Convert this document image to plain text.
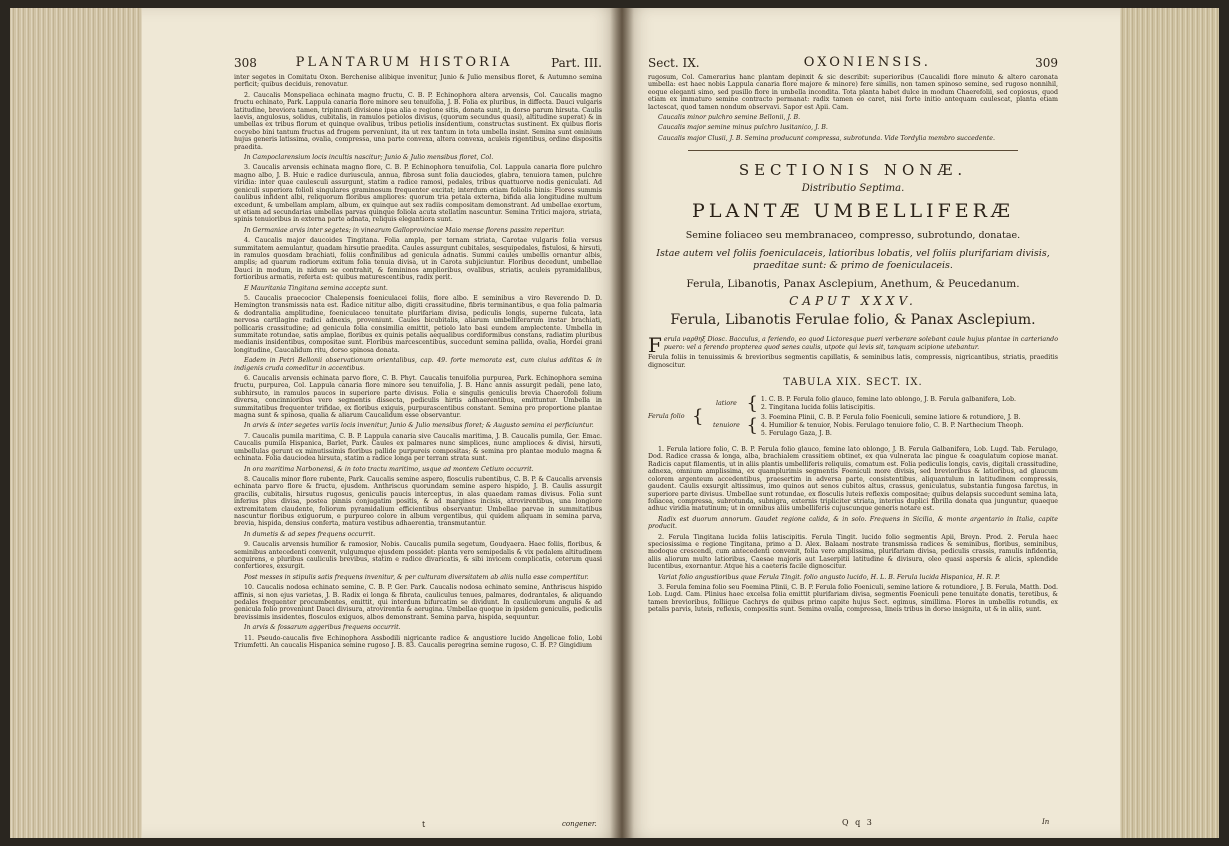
308	PLANTARUM HISTORIA	Part. III.

inter segetes in Comitatu Oxon. Berchenise alibique invenitur, Junio & Julio mensibus floret, & Autumno semina perficit; quibus deciduis, renovatur.

2. Caucalis Monspeliaca echinata magno fructu, C. B. P. Echinophora altera arvensis, Col. Caucalis magno fructu echinato, Park. Lappula canaria flore minore seu tenuifolia, J. B. Folia ex pluribus, in diffecta. Dauci vulgaris latitudine, breviora tamen, tripinnati divisione ipsa alia e regione sitis, donata sunt, in dorso parum hirsuta. Caulis laevis, angulosus, solidus, cubitalis, in ramulos petiolos divisus, (quorum secundus quasi), altitudine superat) & in umbellas ex tribus florum et quinque ovalibus, tribus petiolis insidentium, constructas sustinent. Ex quibus floris cocyebo bini tantum fructus ad frugem perveniunt, ita ut rex tantum in tota umbella insint. Semina sunt ominium hujus generis latissima, ovalia, compressa, una parte convexa, altera convexa, aculeis rigentibus, ordine dispositis praedita.

In Campoclarensium locis incultis nascitur; Junio & Julio mensibus floret, Col.

3. Caucalis arvensis echinata magno flore, C. B. P. Echinophora tenuifolia, Col. Lappula canaria flore pulchro magno albo, J. B. Huic e radice duriuscula, annua, fibrosa sunt folia dauciodes, glabra, tenuiora tamen, pulchre viridia: inter quae caulesculi assurgunt, statim a radice ramosi, pedales, tribus quattuorve nodis geniculati. Ad geniculi superiora folioli singulares graminosum frequenter excitat; interdum etiam foliolis binis: Flores summis caulibus infident albi, reliquorum floribus ampliores: quorum tria petala externa, bifida alia longitudine multum excedunt, & umbellam amplam, album, ex quinque aut sex radiis compositam demonstrant. Ad umbellae exortum, ut etiam ad secundarias umbellas parvas quinque foliola acuta stellatim nascuntur. Semina Tritici majora, striata, spinis tenuioribus in externa parte adnata, reliquis elegantiora sunt.

In Germaniae arvis inter segetes; in vinearum Galloprovinciae Maio mense florens passim reperitur.

4. Caucalis major daucoides Tingitana. Folia ampla, per ternam striata, Carotae vulgaris folia versus summitatem aemulantur, quadam hirsutie praedita. Caules assurgunt cubitales, sesquipedales, fistulosi, & hirsuti, in ramulos quosdam brachiati, foliis confinilibus ad genicula adnatis. Summi caules umbellis ornantur albis, amplis; ad quarum radiorum exitum folia tenuia divisa, ut in Carota subjiciuntur. Floribus decedunt, umbellae Dauci in modum, in nidum se contrahit, & femininos amplioribus, ovalibus, striatis, aculeis pyramidalibus, fortioribus armatis, referta est: quibus maturescentibus, radix perit.

E Mauritania Tingitana semina accepta sunt.

5. Caucalis praecocior Chalepensis foeniculacei foliis, flore albo. E seminibus a viro Reverendo D. D. Hemington transmissis nata est. Radice nititur albo, digiti crassitudine, fibris terminantibus, e qua folia palmaria & dodrantalia amplitudine, foeniculaceo tenuitate plurifariam divisa, pediculis longis, superne fulcata, lata nervosa cartilagine radici adnexis, proveniunt. Caules bicubitalis, aliarum umbelliferarum instar brachiati, pollicaris crassitudine; ad genicula folia consimilia emittit, petiolo lato basi eundem amplectente. Umbella in summitate rotundae, satis amplae, floribus ex quinis petalis aequalibus cordiformibus constans, radiatim pluribus medianis insidentibus, compositae sunt. Floribus marcescentibus, succedunt semina pallida, ovalia, Hordei grani longitudine, Caucalidum ritu, dorso spinosa donata.

Eadem in Petri Bellonii observationum orientalibus, cap. 49. forte memorata est, cum ciuius additas & in indigenis cruda comeditur in accentibus.

6. Caucalis arvensis echinata parvo flore, C. B. Phyt. Caucalis tenuifolia purpurea, Park. Echinophora semina fructu, purpurea, Col. Lappula canaria flore minore seu tenuifolia, J. B. Hanc annis assurgit pedali, pene lato, subhirsuto, in ramulos paucos in superiore parte divisus. Folia e singulis geniculis brevia Chaerofoli folium diversa, concinnioribus vero segmentis dissecta, pediculis hirtis adhaerentibus, emittuntur. Umbella in summitatibus frequenter trifidae, ex floribus exiguis, purpurascentibus constant. Semina pro proportione plantae magna sunt & spinosa, qualia & aliarum Caucalidum esse observantur.

In arvis & inter segetes variis locis invenitur, Junio & Julio mensibus floret; & Augusto semina ei perficiuntur.

7. Caucalis pumila maritima, C. B. P. Lappula canaria sive Caucalis maritima, J. B. Caucalis pumila, Ger. Emac. Caucalis pumila Hispanica, Barlet, Park. Caules ex palmares nunc simplices, nunc amplioces & divisi, hirsuti, umbellulas gerunt ex minutissimis floribus pallide purpureis compositas; & semina pro plantae modulo magna & echinata. Folia dauciodea hirsuta, statim a radice longa per terram strata sunt.

In ora maritima Narbonensi, & in toto tractu maritimo, usque ad montem Cetium occurrit.

8. Caucalis minor flore rubente, Park. Caucalis semine aspero, flosculis rubentibus, C. B. P. & Caucalis arvensis echinata parvo flore & fructu, ejusdem. Anthriscus quorundam semine aspero hispido, J. B. Caulis assurgit gracilis, cubitalis, hirsutus rugosus, geniculis paucis interceptus, in alas quaedam ramas divisus. Folia sunt inferius plus divisa, postea pinnis conjugatim positis, & ad margines incisis, atrovirentibus, una longiore extremitatem claudente, foliorum pyramidalium efficientibus observantur. Umbellae parvae in summitatibus nascuntur floribus exiguorum, e purpureo colore in album vergentibus, qui quidem aliquam in semina parva, brevia, hispida, densius conferta, matura vestibus adhaerentia, transmutantur.

In dumetis & ad sepes frequens occurrit.

9. Caucalis arvensis humilior & ramosior, Nobis. Caucalis pumila segetum, Goudyaera. Haec foliis, floribus, & seminibus antecedenti convenit, vulgumque ejusdem possidet: planta vero semipedalis & vix pedalem altitudinem acquirens, e pluribus cauliculis brevibus, statim e radice divaricatis, & sibi invicem complicatis, ceterum quasi confertiores, exsurgit.

Post messes in stipulis satis frequens invenitur, & per culturam diversitatem ab aliis nulla esse compertitur.

10. Caucalis nodosa echinato semine, C. B. P. Ger. Park. Caucalis nodosa echinato semine, Anthriscus hispido affinis, si non ejus varietas, J. B. Radix ei longa & fibrata, cauliculus tenues, palmares, dodrantales, & aliquando pedales frequenter procumbentes, emittit, qui interdum bifurcatim se dividunt. In cauliculorum angulis & ad genicula folio proveniunt Dauci divisura, atrovirentia & aerugina. Umbellae quoque in ipsidem geniculis, pediculis brevissimis insidentes, flosculos exiguos, albos demonstrant. Semina parva, hispida, sequuntur.

In arvis & fossarum aggeribus frequens occurrit.

11. Pseudo-caucalis five Echinophora Assbodili nigricante radice & angustiore lucido Angelicae folio, Lobi Triumfetti. An caucalis Hispanica semine rugoso J. B. 83. Caucalis peregrina semine rugoso, C. B. P.? Gingidium

t	congener.
Sect. IX.	OXONIENSIS.	309

rugosum, Col. Camerarius hanc plantam depinxit & sic describit: superioribus (Caucalidi flore minuto & altero caronata umbella: est haec nobis Lappula canaria flore majore & minore) fere similis, non tamen spinoso semine, sed rugoso nonnihil, eoque eleganti simo, sed pusillo flore in umbella incondita. Tota planta habet dulce in modum Chaerefolii, sed copiosus, quod etiam ex immaturo semine contracto permanat: radix tamen eo caret, nisi forte initio antequam caulescat, planta etiam lactescat, quod tamen nondum observavi. Sapor est Apii. Cam.

Caucalis minor pulchro semine Bellonii, J. B.

Caucalis major semine minus pulchro lusitanico, J. B.

Caucalis major Clusii, J. B. Semina producunt compressa, subrotunda. Vide Tordylia membro succedente.

SECTIONIS NONÆ.
Distributio Septima.
PLANTÆ UMBELLIFERÆ
Semine foliaceo seu membranaceo, compresso, subrotundo, donatae.
Istae autem vel foliis foeniculaceis, latioribus lobatis, vel foliis plurifariam divisis, praeditae sunt: & primo de foeniculaceis.
Ferula, Libanotis, Panax Asclepium, Anethum, & Peucedanum.
CAPUT XXXV.
Ferula, Libanotis Ferulae folio, & Panax Asclepium.

Ferula ναρθηξ Diosc. Bacculus, a feriendo, eo quod Lictoresque pueri verberare solebant caule hujus plantae in carteriando puero: vel a ferendo propterea quod senes caulis, utpote qui levis sit, tanquam scipione utebantur.

Ferula foliis in tenuissimis & brevioribus segmentis capillatis, & seminibus latis, compressis, nigricantibus, striatis, praeditis dignoscitur.

TABULA XIX. SECT. IX.
Ferula folio {
latiore { 1. C. B. P. Ferula folio glauco, femine lato oblongo, J. B. Ferula galbanifera, Lob.
2. Tingitana lucida foliis latiscipitis.
tenuiore { 3. Foemina Plinii, C. B. P. Ferula folio Foeniculi, semine latiore & rotundiore, J. B.
4. Humilior & tenuior, Nobis. Ferulago tenuiore folio, C. B. P. Narthecium Theoph.
5. Ferulago Gaza, J. B.

1. Ferula latiore folio, C. B. P. Ferula folio glauco, femine lato oblongo, J. B. Ferula Galbanifera, Lob. Lugd. Tab. Ferulago, Dod. Radice crassa & longa, alba, brachialem crassitiem obtinet, ex qua vulnerata lac pingue & coagulatum copiose manat. Radicis caput filamentis, ut in aliis plantis umbelliferis reliquiis, comatum est. Folia pediculis longis, cavis, digitali crassitudine, adnexa, omnium amplissima, ex quamplurimis segmentis Foeniculi more divisis, sed brevioribus & latioribus, ad glaucum colorem argenteum accedentibus, praesertim in adversa parte, consistentibus, aliquantulum in latitudinem compressis, gaudent. Caulis exsurgit altissimus, imo quinos aut senos cubitos altus, crassus, geniculatus, substantia fungosa farctus, in superiore parte divisus. Umbellae sunt rotundae, ex flosculis luteis reflexis compositae; quibus delapsis succedunt semina lata, foliacea, compressa, subrotunda, subnigra, externis tripliciter striata, interius duplici fibrilla donata qua junguntur, quaeque adhuc viridia matutinum; ut in omnibus aliis umbelliferis cujuscunque generis notare est.

Radix est duorum annorum. Gaudet regione calida, & in solo. Frequens in Sicilia, & monte argentario in Italia, capite producit.

2. Ferula Tingitana lucida foliis latiscipitis. Ferula Tingit. lucido folio segmentis Apii, Breyn. Prod. 2. Ferula haec speciosissima e regione Tingitana, primo a D. Alex. Balaam nostrate transmissa radices & seminibus, floribus, seminibus, modoque crescendi, cum antecedenti convenit, folia vero amplissima, plurifariam divisa, pediculis crassis, ramulis infidentia, aliis aliorum multo latioribus, Caesae majoris aut Laserpitii latitudine & divisura, oleo quasi aspersis & alicis, splendide lucentibus, exornantur. Atque his a caeteris facile dignoscitur.

Variat folio angustioribus quae Ferula Tingit. folio angusto lucido, H. L. B. Ferula lucida Hispanica, H. R. P.

3. Ferula femina folio seu Foemina Plinii, C. B. P. Ferula folio Foeniculi, semine latiore & rotundiore, J. B. Ferula, Matth. Dod. Lob. Lugd. Cam. Plinius haec excelsa folia emittit plurifariam divisa, segmentis Foeniculi pene tenuitate donatis, teretibus, & tamen brevioribus, folliique Cachrys de quibus primo capite hujus Sect. egimus, simillima. Flores in umbellis rotundis, ex petalis parvis, luteis, reflexis, compositis sunt. Semina ovalia, compressa, lineis tribus in dorso insignita, ut & in aliis, sunt.

Q q 3	In
